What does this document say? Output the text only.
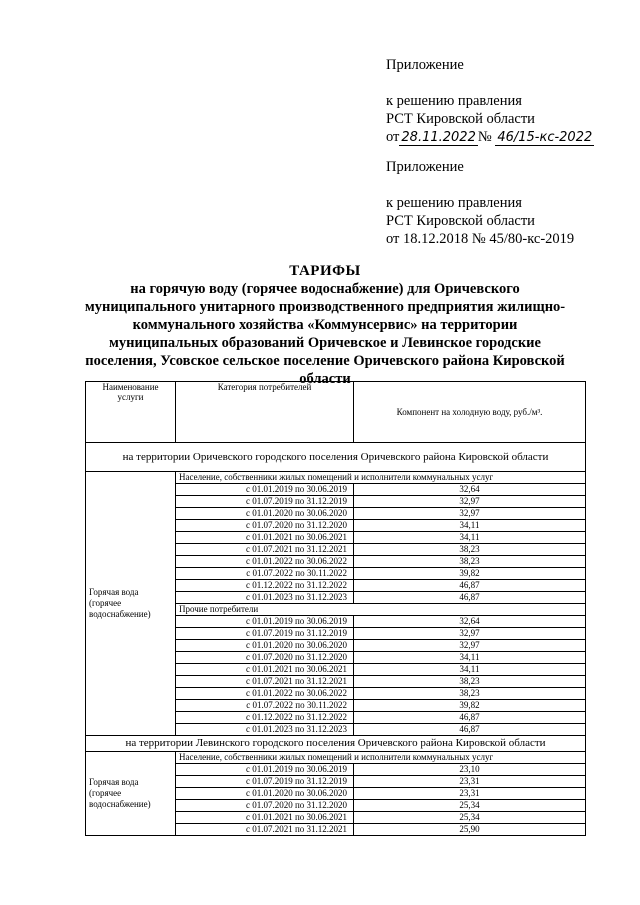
Приложение
к решению правления
РСТ Кировской области
от 28.11.2022 № 46/15-кс-2022
Приложение
к решению правления
РСТ Кировской области
от 18.12.2018 № 45/80-кс-2019
ТАРИФЫ
на горячую воду (горячее водоснабжение) для Оричевского
муниципального унитарного производственного предприятия жилищно-
коммунального хозяйства «Коммунсервис» на территории
муниципальных образований Оричевское и Левинское городские
поселения, Усовское сельское поселение Оричевского района Кировской
области
Наименование услуги	Категория потребителей	Компонент на холодную воду, руб./м³.	
на территории Оричевского городского поселения Оричевского района Кировской области			
Горячая вода (горячее водоснабжение)	Население, собственники жилых помещений и исполнители коммунальных услуг		
	с 01.01.2019 по 30.06.2019	32,64	
	с 01.07.2019 по 31.12.2019	32,97	
	с 01.01.2020 по 30.06.2020	32,97	
	с 01.07.2020 по 31.12.2020	34,11	
	с 01.01.2021 по 30.06.2021	34,11	
	с 01.07.2021 по 31.12.2021	38,23	
	с 01.01.2022 по 30.06.2022	38,23	
	с 01.07.2022 по 30.11.2022	39,82	
	с 01.12.2022 по 31.12.2022	46,87	
	с 01.01.2023 по 31.12.2023	46,87	
	Прочие потребители		
	с 01.01.2019 по 30.06.2019	32,64	
	с 01.07.2019 по 31.12.2019	32,97	
	с 01.01.2020 по 30.06.2020	32,97	
	с 01.07.2020 по 31.12.2020	34,11	
	с 01.01.2021 по 30.06.2021	34,11	
	с 01.07.2021 по 31.12.2021	38,23	
	с 01.01.2022 по 30.06.2022	38,23	
	с 01.07.2022 по 30.11.2022	39,82	
	с 01.12.2022 по 31.12.2022	46,87	
	с 01.01.2023 по 31.12.2023	46,87	
на территории Левинского городского поселения Оричевского района Кировской области			
Горячая вода (горячее водоснабжение)	Население, собственники жилых помещений и исполнители коммунальных услуг		
	с 01.01.2019 по 30.06.2019	23,10	
	с 01.07.2019 по 31.12.2019	23,31	
	с 01.01.2020 по 30.06.2020	23,31	
	с 01.07.2020 по 31.12.2020	25,34	
	с 01.01.2021 по 30.06.2021	25,34	
	с 01.07.2021 по 31.12.2021	25,90	
